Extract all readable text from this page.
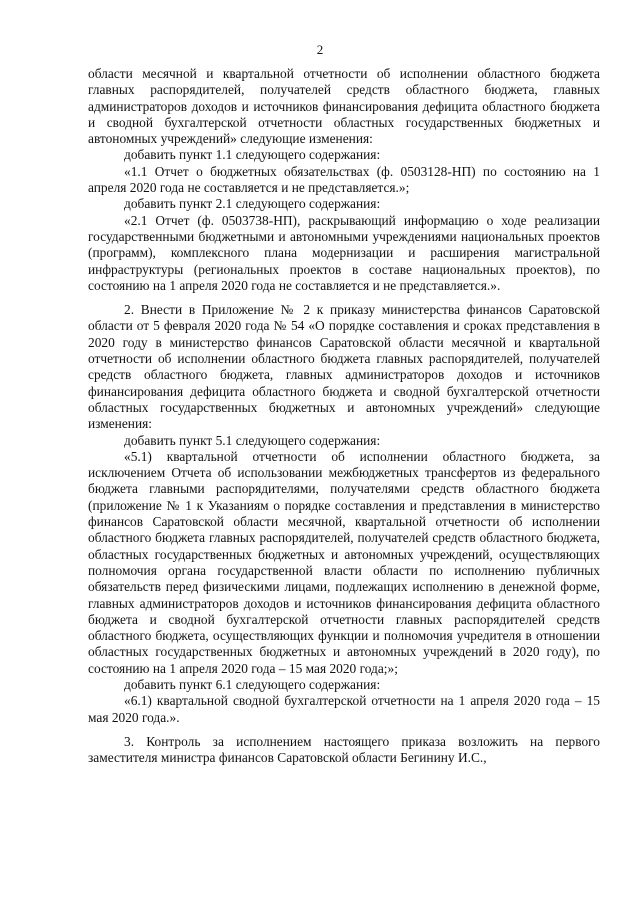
2

области месячной и квартальной отчетности об исполнении областного бюджета главных распорядителей, получателей средств областного бюджета, главных администраторов доходов и источников финансирования дефицита областного бюджета и сводной бухгалтерской отчетности областных государственных бюджетных и автономных учреждений» следующие изменения:

добавить пункт 1.1 следующего содержания:

«1.1 Отчет о бюджетных обязательствах (ф. 0503128-НП) по состоянию на 1 апреля 2020 года не составляется и не представляется.»;

добавить пункт 2.1 следующего содержания:

«2.1 Отчет (ф. 0503738-НП), раскрывающий информацию о ходе реализации государственными бюджетными и автономными учреждениями национальных проектов (программ), комплексного плана модернизации и расширения магистральной инфраструктуры (региональных проектов в составе национальных проектов), по состоянию на 1 апреля 2020 года не составляется и не представляется.».

2. Внести в Приложение № 2 к приказу министерства финансов Саратовской области от 5 февраля 2020 года № 54 «О порядке составления и сроках представления в 2020 году в министерство финансов Саратовской области месячной и квартальной отчетности об исполнении областного бюджета главных распорядителей, получателей средств областного бюджета, главных администраторов доходов и источников финансирования дефицита областного бюджета и сводной бухгалтерской отчетности областных государственных бюджетных и автономных учреждений» следующие изменения:

добавить пункт 5.1 следующего содержания:

«5.1) квартальной отчетности об исполнении областного бюджета, за исключением Отчета об использовании межбюджетных трансфертов из федерального бюджета главными распорядителями, получателями средств областного бюджета (приложение № 1 к Указаниям о порядке составления и представления в министерство финансов Саратовской области месячной, квартальной отчетности об исполнении областного бюджета главных распорядителей, получателей средств областного бюджета, областных государственных бюджетных и автономных учреждений, осуществляющих полномочия органа государственной власти области по исполнению публичных обязательств перед физическими лицами, подлежащих исполнению в денежной форме, главных администраторов доходов и источников финансирования дефицита областного бюджета и сводной бухгалтерской отчетности главных распорядителей средств областного бюджета, осуществляющих функции и полномочия учредителя в отношении областных государственных бюджетных и автономных учреждений в 2020 году), по состоянию на 1 апреля 2020 года – 15 мая 2020 года;»;

добавить пункт 6.1 следующего содержания:

«6.1) квартальной сводной бухгалтерской отчетности на 1 апреля 2020 года – 15 мая 2020 года.».

3. Контроль за исполнением настоящего приказа возложить на первого заместителя министра финансов Саратовской области Бегинину И.С.,
